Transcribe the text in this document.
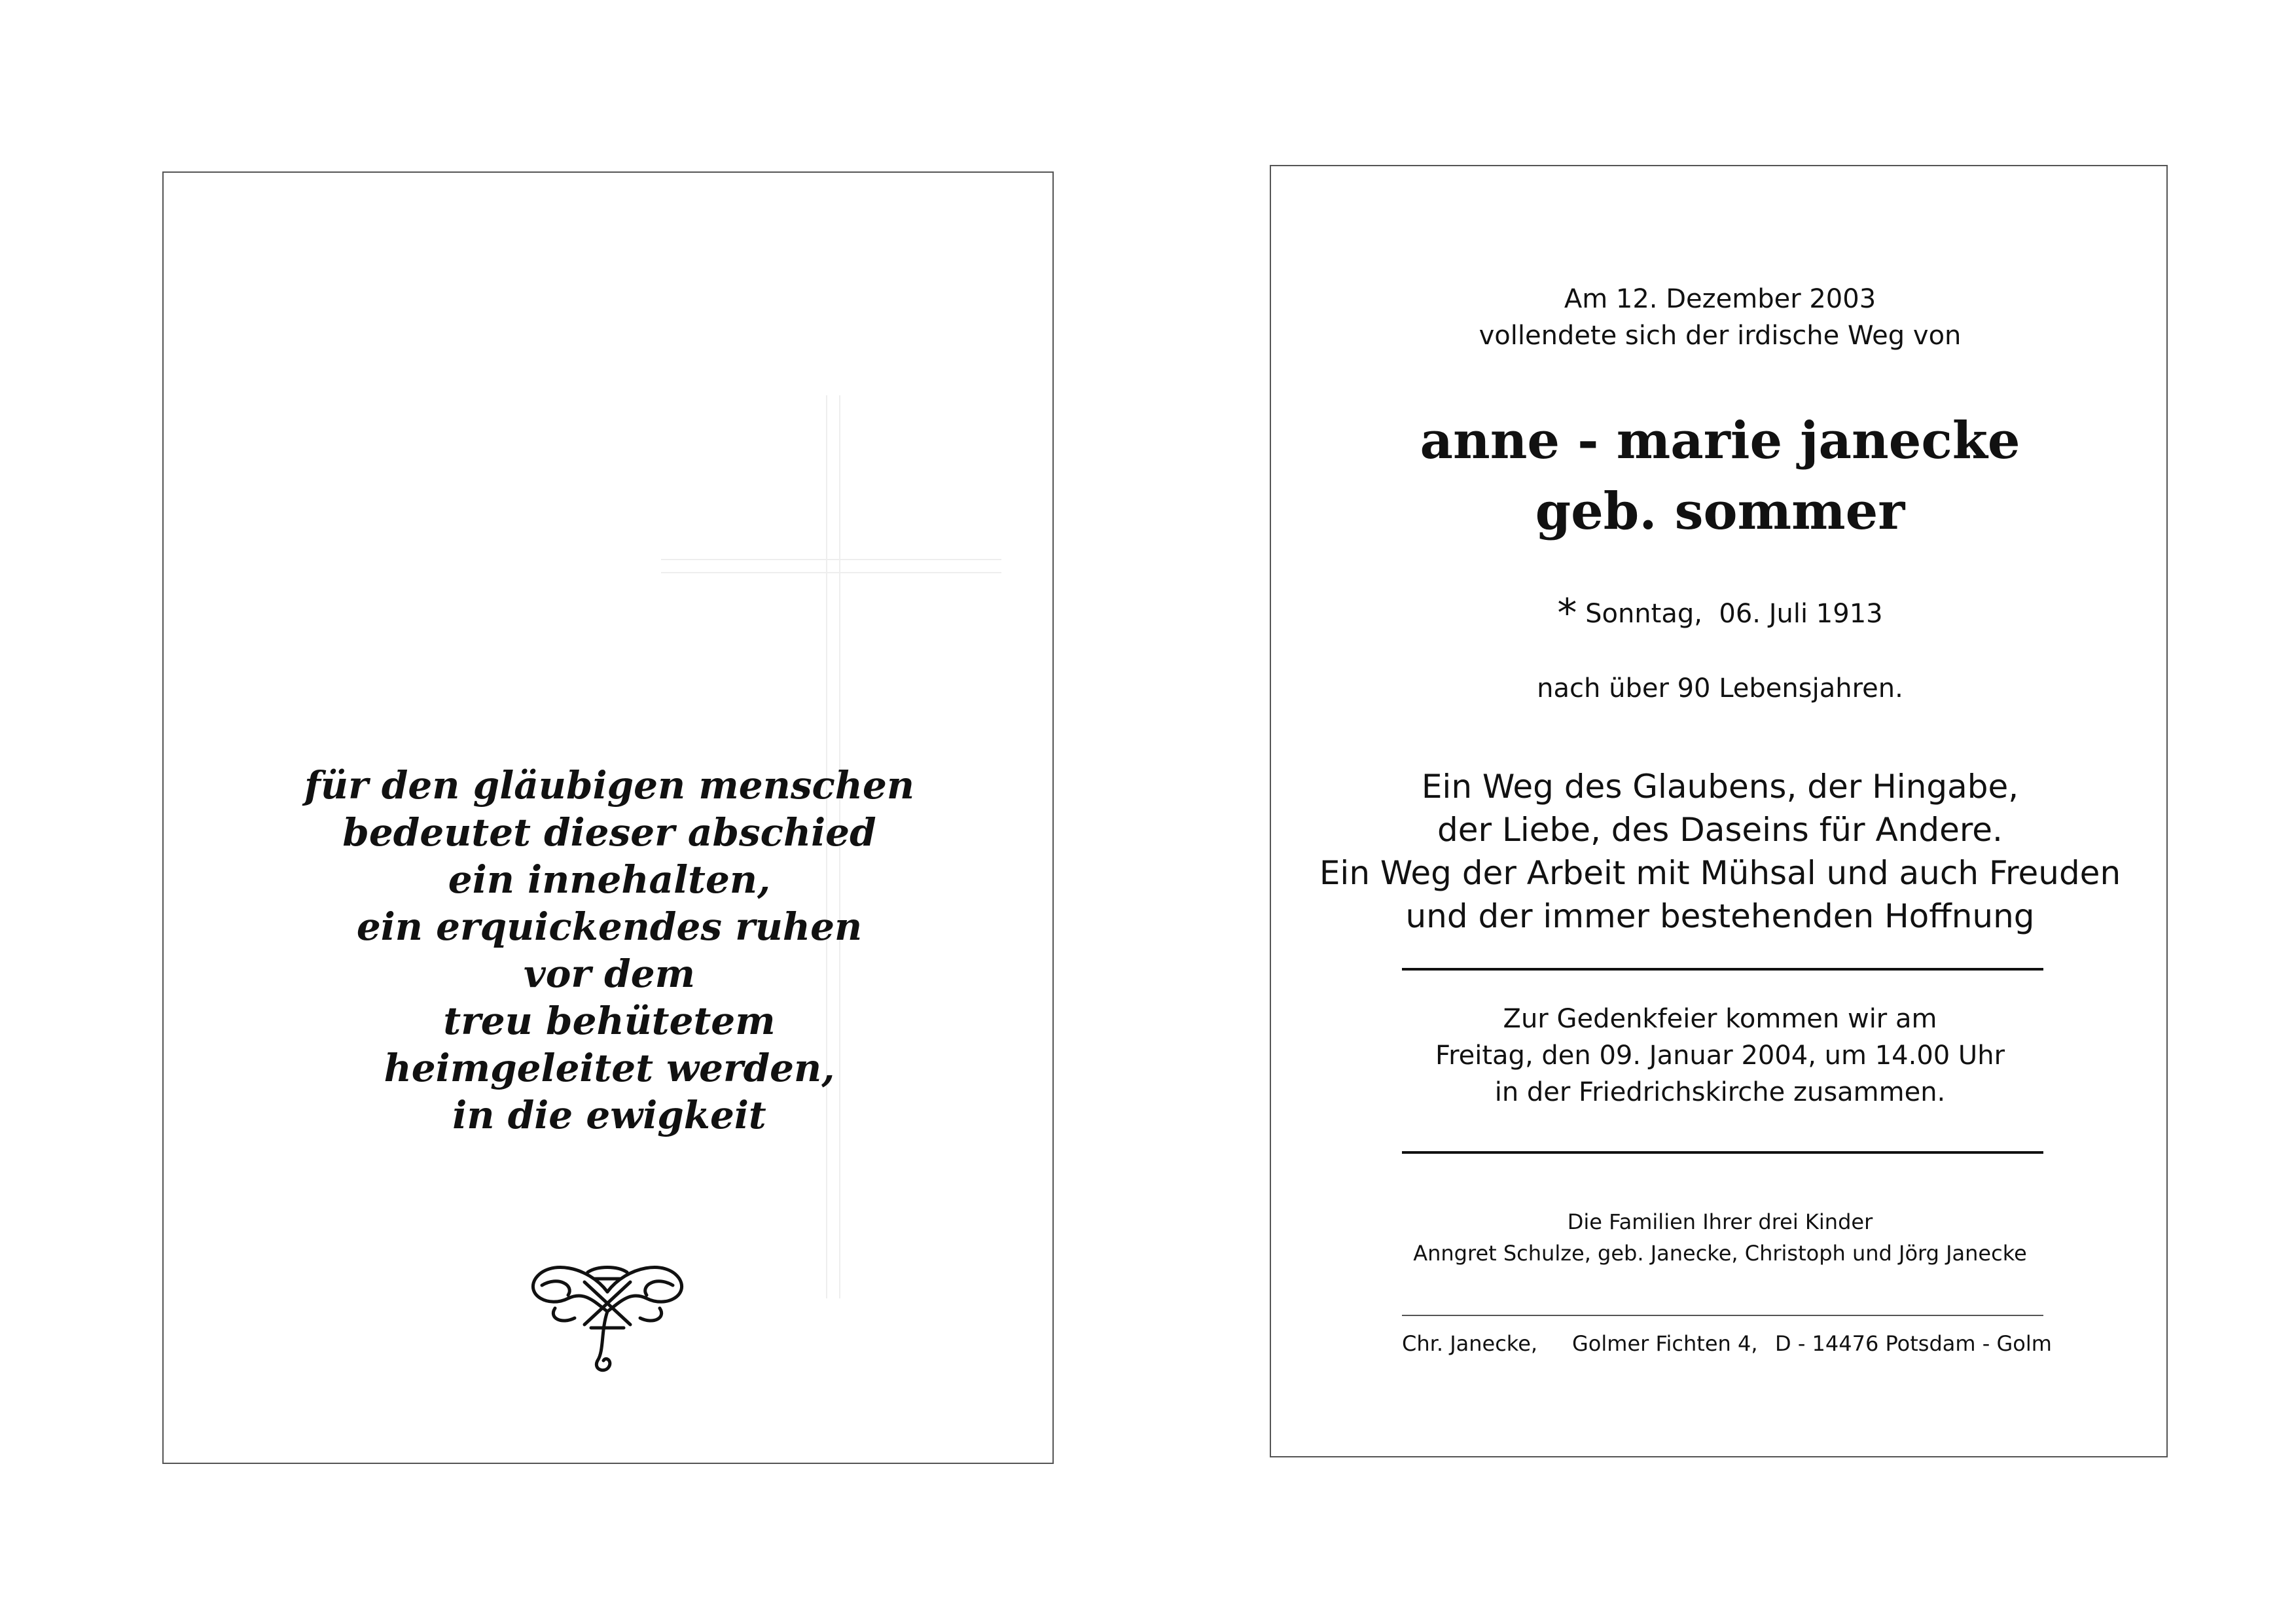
für den gläubigen menschen
bedeutet dieser abschied
ein innehalten,
ein erquickendes ruhen
vor dem
treu behütetem
heimgeleitet werden,
in die ewigkeit
Am 12. Dezember 2003
vollendete sich der irdische Weg von
anne - marie janecke
geb. sommer
* Sonntag,  06. Juli 1913
nach über 90 Lebensjahren.
Ein Weg des Glaubens, der Hingabe,
der Liebe, des Daseins für Andere.
Ein Weg der Arbeit mit Mühsal und auch Freuden
und der immer bestehenden Hoffnung
Zur Gedenkfeier kommen wir am
Freitag, den 09. Januar 2004, um 14.00 Uhr
in der Friedrichskirche zusammen.
Die Familien Ihrer drei Kinder
Anngret Schulze, geb. Janecke, Christoph und Jörg Janecke
Chr. Janecke, Golmer Fichten 4, D - 14476 Potsdam - Golm
